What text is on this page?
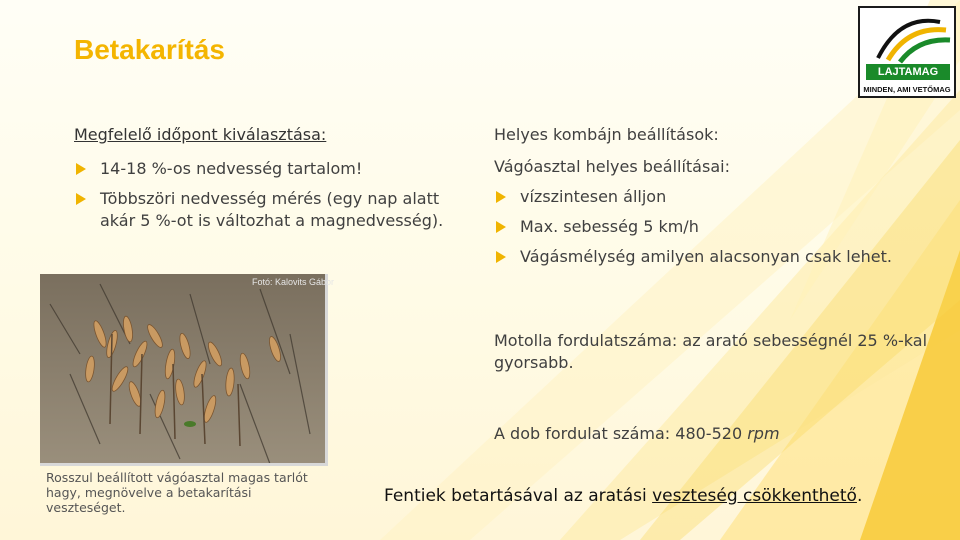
Betakarítás
LAJTAMAG
MINDEN, AMI VETŐMAG
Megfelelő időpont kiválasztása:
14-18 %-os nedvesség tartalom!
Többszöri nedvesség mérés (egy nap alatt akár 5 %-ot is változhat a magnedvesség).
Fotó: Kalovits Gábor
Rosszul beállított vágóasztal magas tarlót hagy, megnövelve a betakarítási veszteséget.
Helyes kombájn beállítások:
Vágóasztal helyes beállításai:
vízszintesen álljon
Max. sebesség 5 km/h
Vágásmélység amilyen alacsonyan csak lehet.
Motolla fordulatszáma: az arató sebességnél 25 %-kal gyorsabb.
A dob fordulat száma: 480-520 rpm
Fentiek betartásával az aratási veszteség csökkenthető.
